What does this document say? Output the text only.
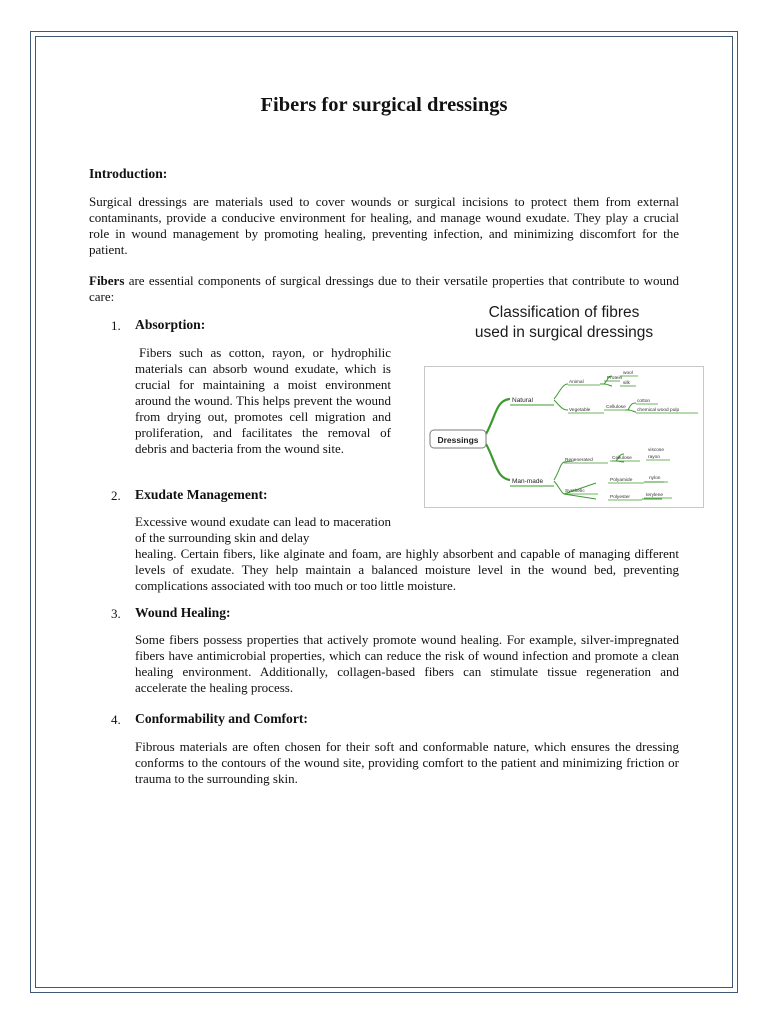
Fibers for surgical dressings
Introduction:

Surgical dressings are materials used to cover wounds or surgical incisions to protect them from external contaminants, provide a conducive environment for healing, and manage wound exudate. They play a crucial role in wound management by promoting healing, preventing infection, and minimizing discomfort for the patient.

Fibers are essential components of surgical dressings due to their versatile properties that contribute to wound care:

1. Absorption:

Fibers such as cotton, rayon, or hydrophilic materials can absorb wound exudate, which is crucial for maintaining a moist environment around the wound. This helps prevent the wound from drying out, promotes cell migration and proliferation, and facilitates the removal of debris and bacteria from the wound site.

2. Exudate Management:

Excessive wound exudate can lead to maceration of the surrounding skin and delay

healing. Certain fibers, like alginate and foam, are highly absorbent and capable of managing different levels of exudate. They help maintain a balanced moisture level in the wound bed, preventing complications associated with too much or too little moisture.

3. Wound Healing:

Some fibers possess properties that actively promote wound healing. For example, silver-impregnated fibers have antimicrobial properties, which can reduce the risk of wound infection and promote a clean healing environment. Additionally, collagen-based fibers can stimulate tissue regeneration and accelerate the healing process.

4. Conformability and Comfort:

Fibrous materials are often chosen for their soft and conformable nature, which ensures the dressing conforms to the contours of the wound site, providing comfort to the patient and minimizing friction or trauma to the surrounding skin.

Classification of fibres
used in surgical dressings
Dressings
Natural
Man-made
Animal
Protein
wool
silk
Vegetable
Cellulose
cotton
chemical wood pulp
Regenerated	Cellulose
viscose
rayon
Synthetic
Polyamide	nylon
Polyester	terylene
